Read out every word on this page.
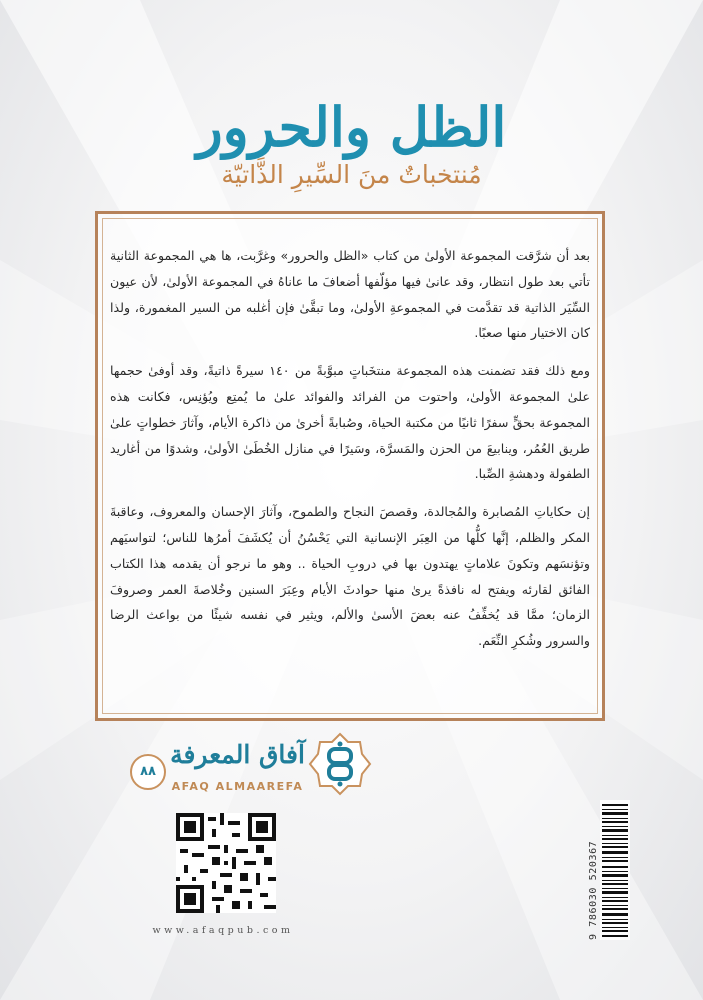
الظل والحرور
مُنتخباتٌ منَ السِّيرِ الذَّاتيّة

بعد أن شرَّقت المجموعة الأولىٰ من كتاب «الظل والحرور» وغرَّبت، ها هي المجموعة الثانية تأتي بعد طول انتظار، وقد عانىٰ فيها مؤلّفها أضعافَ ما عاناهُ في المجموعة الأولىٰ، لأن عيون السِّيَر الذاتية قد تقدَّمت في المجموعةِ الأولىٰ، وما تبقَّىٰ فإن أغلبه من السير المغمورة، ولذا كان الاختيار منها صعبًا.

ومع ذلك فقد تضمنت هذه المجموعة منتخَباتٍ مبوَّبةً من ١٤٠ سيرةً ذاتيةً، وقد أوفىٰ حجمها علىٰ المجموعة الأولىٰ، واحتوت من الفرائد والفوائد علىٰ ما يُمتِع ويُؤنِس، فكانت هذه المجموعة بحقٍّ سفرًا ثانيًا من مكتبة الحياة، وصُبابةً أخرىٰ من ذاكرة الأيام، وآثارَ خطواتٍ علىٰ طريق العُمُر، وينابيعَ من الحزن والمَسرَّة، وسَيرًا في منازل الخُطَىٰ الأولىٰ، وشدوًا من أغاريد الطفولة ودهشةِ الصِّبا.

إن حكاياتِ المُصابرة والمُجالدة، وقصصَ النجاح والطموح، وآثارَ الإحسان والمعروف، وعاقبةَ المكر والظلم، إنَّها كلُّها من العِبَر الإنسانية التي يَحْسُنُ أن يُكشَفَ أمرُها للناس؛ لتواسيَهم وتؤنسَهم وتكونَ علاماتٍ يهتدون بها في دروبِ الحياة .. وهو ما نرجو أن يقدمه هذا الكتاب الفائق لقارئه ويفتح له نافذةً يرىٰ منها حوادثَ الأيام وعِبَرَ السنين وخُلاصةَ العمر وصروفَ الزمان؛ ممَّا قد يُخفِّفُ عنه بعضَ الأسىٰ والألم، ويثير في نفسه شيئًا من بواعث الرضا والسرور وشُكرِ النِّعَم.

٨٨
آفاق المعرفة
AFAQ ALMAAREFA
www.afaqpub.com	9 786030 520367
